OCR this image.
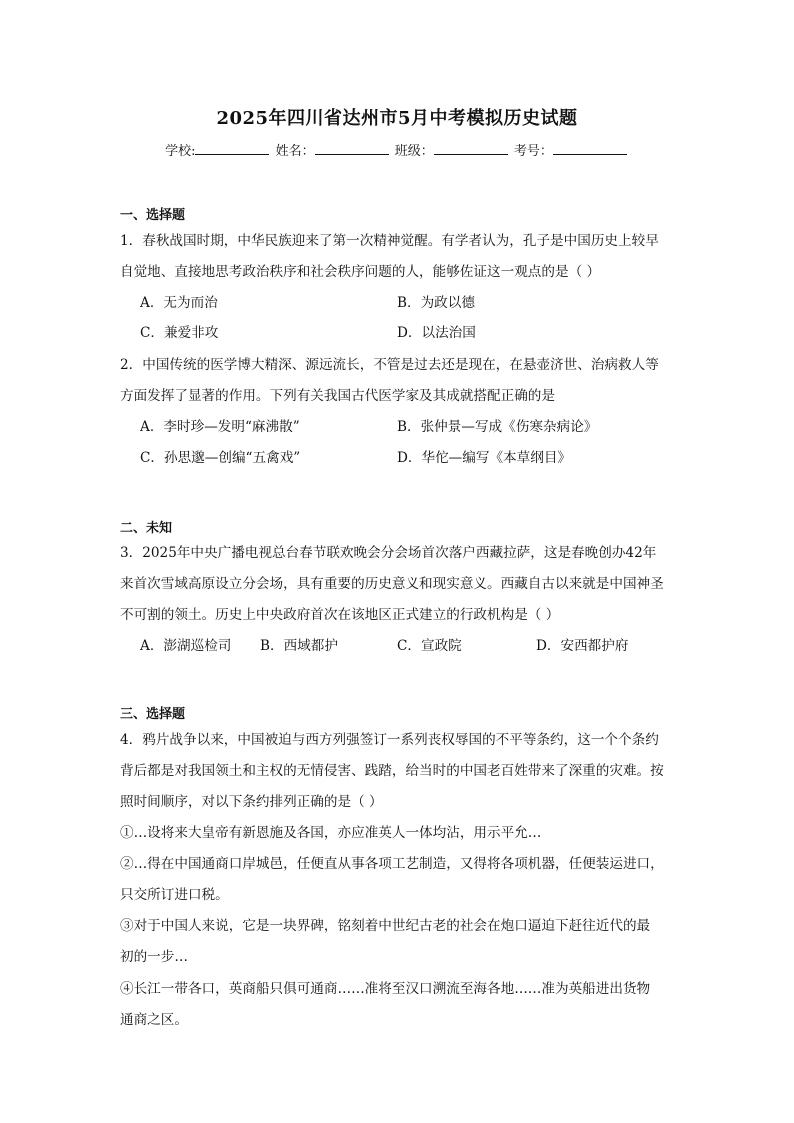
2025年四川省达州市5月中考模拟历史试题
学校:	姓名：	班级：	考号：
一、选择题
1．春秋战国时期，中华民族迎来了第一次精神觉醒。有学者认为，孔子是中国历史上较早
自觉地、直接地思考政治秩序和社会秩序问题的人，能够佐证这一观点的是（ ）
A．无为而治	B．为政以德
C．兼爱非攻	D．以法治国
2．中国传统的医学博大精深、源远流长，不管是过去还是现在，在悬壶济世、治病救人等
方面发挥了显著的作用。下列有关我国古代医学家及其成就搭配正确的是
A．李时珍—发明“麻沸散”	B．张仲景—写成《伤寒杂病论》
C．孙思邈—创编“五禽戏”	D．华佗—编写《本草纲目》
二、未知
3．2025年中央广播电视总台春节联欢晚会分会场首次落户西藏拉萨，这是春晚创办42年
来首次雪域高原设立分会场，具有重要的历史意义和现实意义。西藏自古以来就是中国神圣
不可割的领土。历史上中央政府首次在该地区正式建立的行政机构是（ ）
A．澎湖巡检司 B．西域都护	C．宣政院	D．安西都护府
三、选择题
4．鸦片战争以来，中国被迫与西方列强签订一系列丧权辱国的不平等条约，这一个个条约
背后都是对我国领土和主权的无情侵害、践踏，给当时的中国老百姓带来了深重的灾难。按
照时间顺序，对以下条约排列正确的是（ ）
①…设将来大皇帝有新恩施及各国，亦应准英人一体均沾，用示平允…
②…得在中国通商口岸城邑，任便直从事各项工艺制造，又得将各项机器，任便装运进口，
只交所订进口税。
③对于中国人来说，它是一块界碑，铭刻着中世纪古老的社会在炮口逼迫下赶往近代的最
初的一步…
④长江一带各口，英商船只俱可通商……准将至汉口溯流至海各地……准为英船进出货物
通商之区。
